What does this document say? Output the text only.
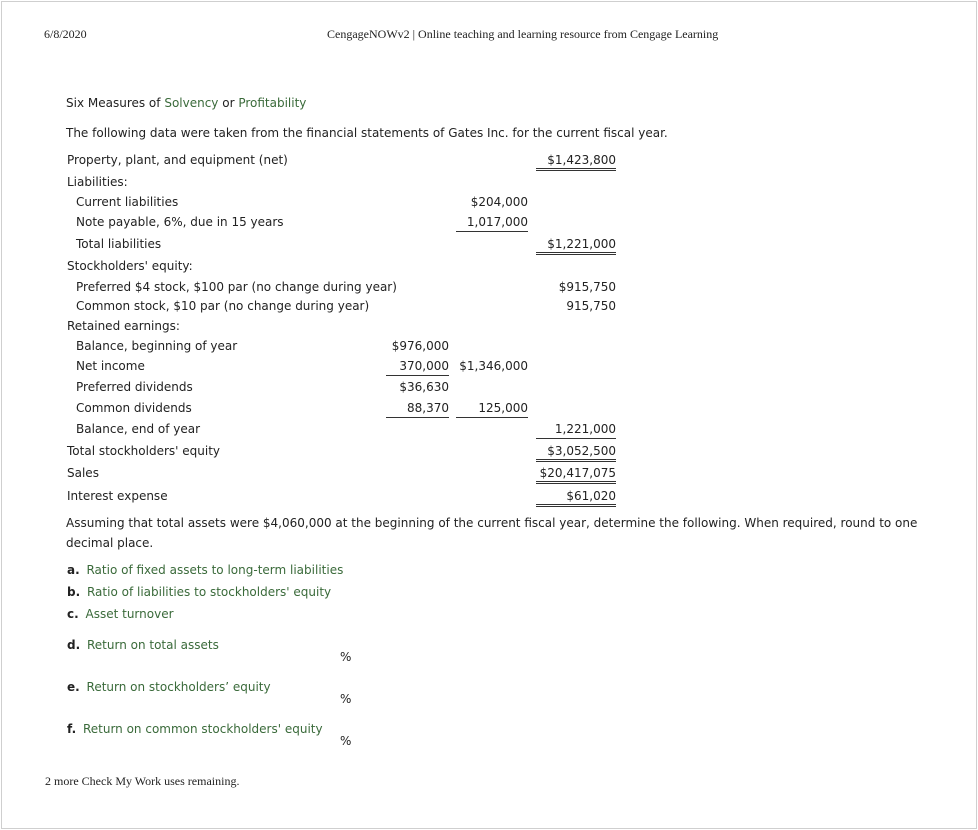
6/8/2020	CengageNOWv2 | Online teaching and learning resource from Cengage Learning
Six Measures of Solvency or Profitability
The following data were taken from the financial statements of Gates Inc. for the current fiscal year.
Property, plant, and equipment (net)	$1,423,800
Liabilities:
Current liabilities	$204,000
Note payable, 6%, due in 15 years	1,017,000
Total liabilities	$1,221,000
Stockholders' equity:
Preferred $4 stock, $100 par (no change during year)	$915,750
Common stock, $10 par (no change during year)	915,750
Retained earnings:
Balance, beginning of year	$976,000
Net income	370,000 $1,346,000
Preferred dividends	$36,630
Common dividends	88,370	125,000
Balance, end of year	1,221,000
Total stockholders' equity	$3,052,500
Sales	$20,417,075
Interest expense	$61,020
Assuming that total assets were $4,060,000 at the beginning of the current fiscal year, determine the following. When required, round to one
decimal place.
a. Ratio of fixed assets to long-term liabilities
b. Ratio of liabilities to stockholders' equity
c. Asset turnover
d. Return on total assets
%
e. Return on stockholders’ equity
%
f. Return on common stockholders' equity
%
2 more Check My Work uses remaining.
